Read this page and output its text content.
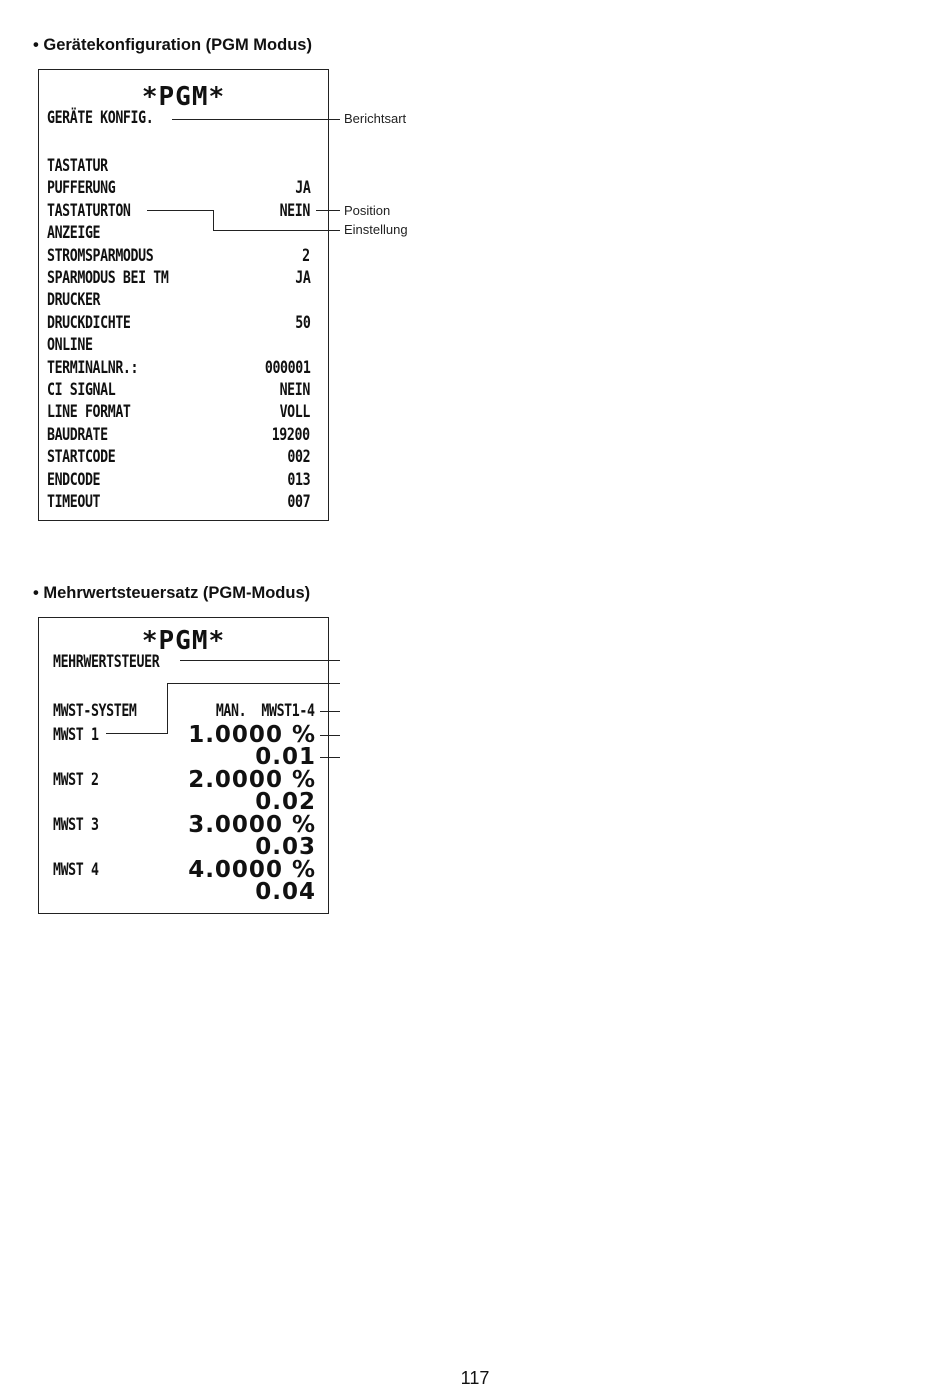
• Gerätekonfiguration (PGM Modus)
*PGM*
GERÄTE KONFIG.
TASTATUR
PUFFERUNG	JA
TASTATURTON	NEIN
ANZEIGE
STROMSPARMODUS	2
SPARMODUS BEI TM	JA
DRUCKER
DRUCKDICHTE	50
ONLINE
TERMINALNR.:	000001
CI SIGNAL	NEIN
LINE FORMAT	VOLL
BAUDRATE	19200
STARTCODE	002
ENDCODE	013
TIMEOUT	007
Berichtsart
Position
Einstellung
• Mehrwertsteuersatz (PGM-Modus)
*PGM*
MEHRWERTSTEUER
MWST-SYSTEM	MAN.  MWST1-4
MWST 1	1.0000 %
0.01
MWST 2	2.0000 %
0.02
MWST 3	3.0000 %
0.03
MWST 4	4.0000 %
0.04
117
